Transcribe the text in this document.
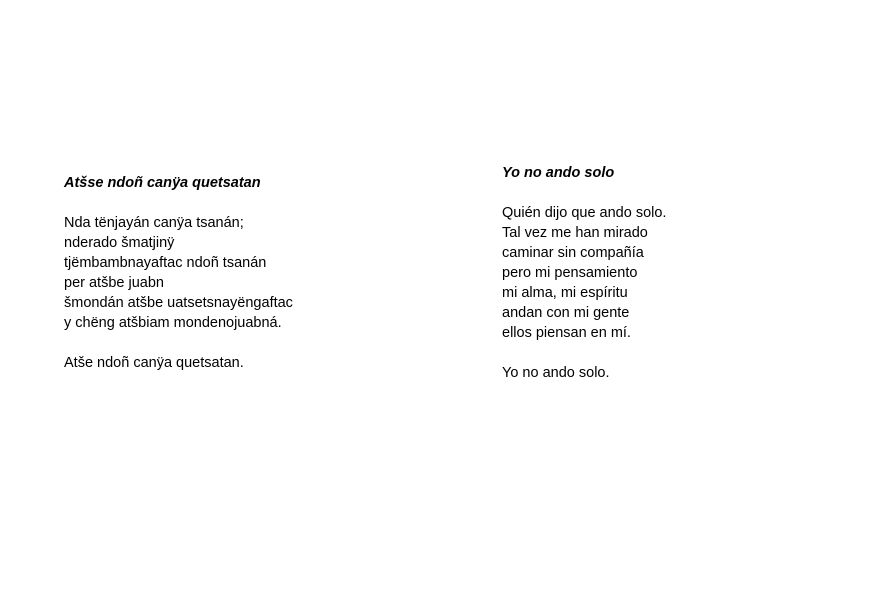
Atšse ndoñ canÿa quetsatan
Nda tënjayán canÿa tsanán;
nderado šmatjinÿ
tjëmbambnayaftac ndoñ tsanán
per atšbe juabn
šmondán atšbe uatsetsnayëngaftac
y chëng atšbiam mondenojuabná.
Atše ndoñ canÿa quetsatan.
Yo no ando solo
Quién dijo que ando solo.
Tal vez me han mirado
caminar sin compañía
pero mi pensamiento
mi alma, mi espíritu
andan con mi gente
ellos piensan en mí.
Yo no ando solo.
